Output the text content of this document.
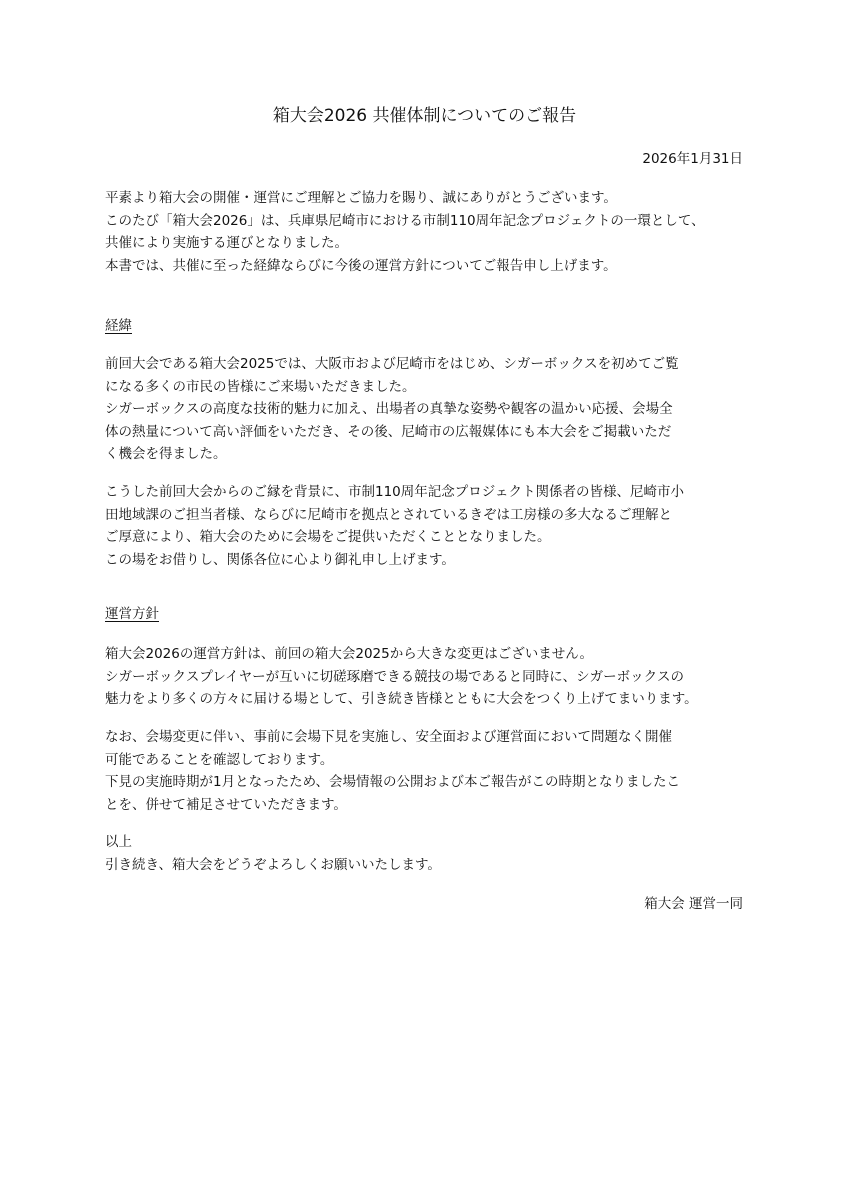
箱大会2026 共催体制についてのご報告
2026年1月31日

平素より箱大会の開催・運営にご理解とご協力を賜り、誠にありがとうございます。

このたび「箱大会2026」は、兵庫県尼崎市における市制110周年記念プロジェクトの一環として、

共催により実施する運びとなりました。

本書では、共催に至った経緯ならびに今後の運営方針についてご報告申し上げます。

経緯

前回大会である箱大会2025では、大阪市および尼崎市をはじめ、シガーボックスを初めてご覧

になる多くの市民の皆様にご来場いただきました。

シガーボックスの高度な技術的魅力に加え、出場者の真摯な姿勢や観客の温かい応援、会場全

体の熱量について高い評価をいただき、その後、尼崎市の広報媒体にも本大会をご掲載いただ

く機会を得ました。

こうした前回大会からのご縁を背景に、市制110周年記念プロジェクト関係者の皆様、尼崎市小

田地域課のご担当者様、ならびに尼崎市を拠点とされているきぞは工房様の多大なるご理解と

ご厚意により、箱大会のために会場をご提供いただくこととなりました。

この場をお借りし、関係各位に心より御礼申し上げます。

運営方針

箱大会2026の運営方針は、前回の箱大会2025から大きな変更はございません。

シガーボックスプレイヤーが互いに切磋琢磨できる競技の場であると同時に、シガーボックスの

魅力をより多くの方々に届ける場として、引き続き皆様とともに大会をつくり上げてまいります。

なお、会場変更に伴い、事前に会場下見を実施し、安全面および運営面において問題なく開催

可能であることを確認しております。

下見の実施時期が1月となったため、会場情報の公開および本ご報告がこの時期となりましたこ

とを、併せて補足させていただきます。

以上

引き続き、箱大会をどうぞよろしくお願いいたします。

箱大会 運営一同
